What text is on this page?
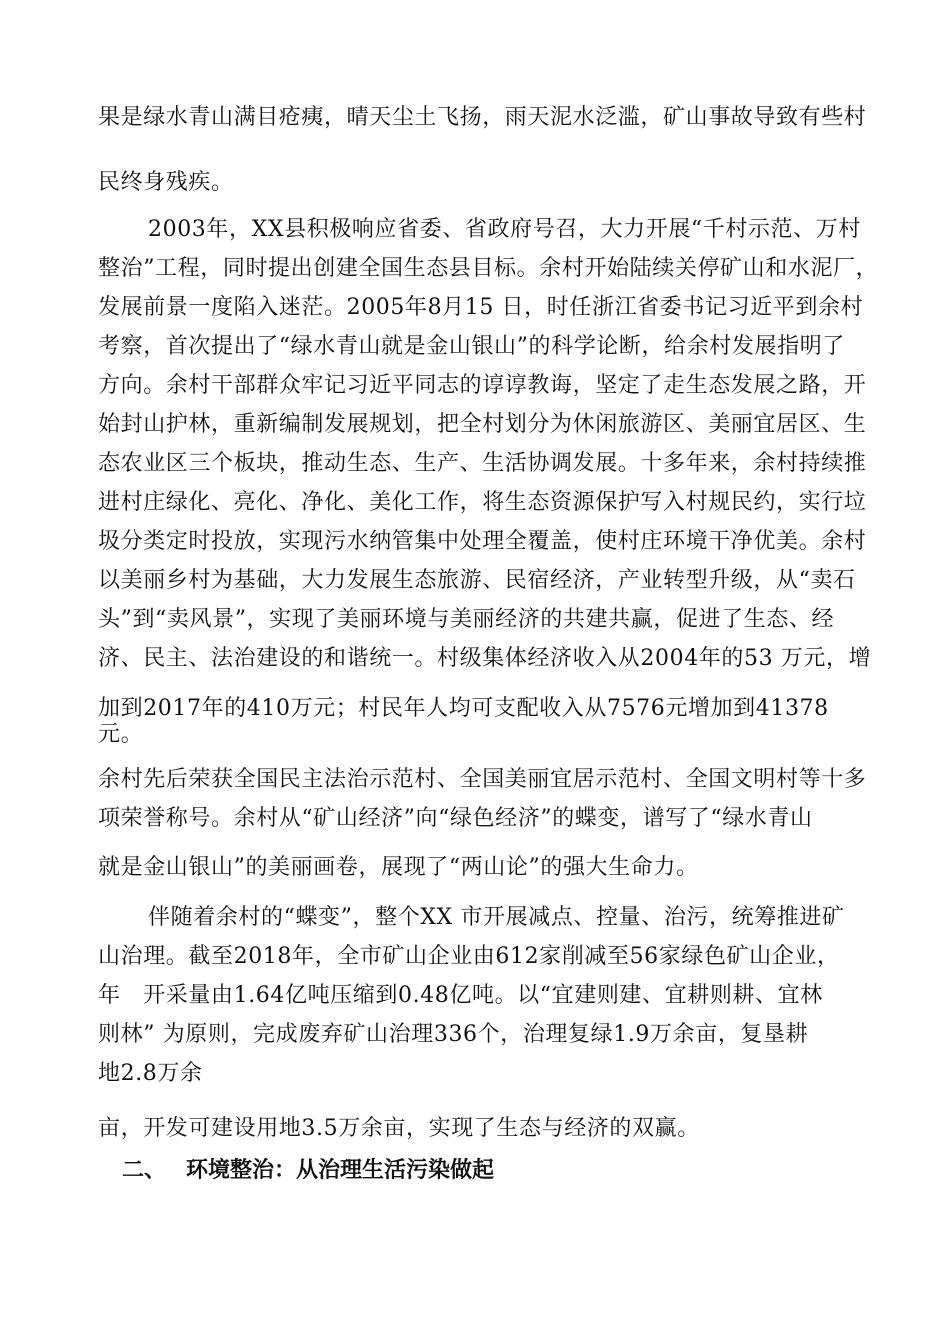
果是绿水青山满目疮痍，晴天尘土飞扬，雨天泥水泛滥，矿山事故导致有些村
民终身残疾。
2003年，XX县积极响应省委、省政府号召，大力开展“千村示范、万村
整治”工程，同时提出创建全国生态县目标。余村开始陆续关停矿山和水泥厂，
发展前景一度陷入迷茫。2005年8月15 日，时任浙江省委书记习近平到余村
考察，首次提出了“绿水青山就是金山银山”的科学论断，给余村发展指明了
方向。余村干部群众牢记习近平同志的谆谆教诲，坚定了走生态发展之路，开
始封山护林，重新编制发展规划，把全村划分为休闲旅游区、美丽宜居区、生
态农业区三个板块，推动生态、生产、生活协调发展。十多年来，余村持续推
进村庄绿化、亮化、净化、美化工作，将生态资源保护写入村规民约，实行垃
圾分类定时投放，实现污水纳管集中处理全覆盖，使村庄环境干净优美。余村
以美丽乡村为基础，大力发展生态旅游、民宿经济，产业转型升级，从“卖石
头”到“卖风景”，实现了美丽环境与美丽经济的共建共赢，促进了生态、经
济、民主、法治建设的和谐统一。村级集体经济收入从2004年的53 万元，增
加到2017年的410万元；村民年人均可支配收入从7576元增加到41378
元。
余村先后荣获全国民主法治示范村、全国美丽宜居示范村、全国文明村等十多
项荣誉称号。余村从“矿山经济”向“绿色经济”的蝶变，谱写了“绿水青山
就是金山银山”的美丽画卷，展现了“两山论”的强大生命力。
伴随着余村的“蝶变”，整个XX 市开展减点、控量、治污，统筹推进矿
山治理。截至2018年，全市矿山企业由612家削减至56家绿色矿山企业，
年　开采量由1.64亿吨压缩到0.48亿吨。以“宜建则建、宜耕则耕、宜林
则林” 为原则，完成废弃矿山治理336个，治理复绿1.9万余亩，复垦耕
地2.8万余
亩，开发可建设用地3.5万余亩，实现了生态与经济的双赢。
二、 环境整治：从治理生活污染做起
